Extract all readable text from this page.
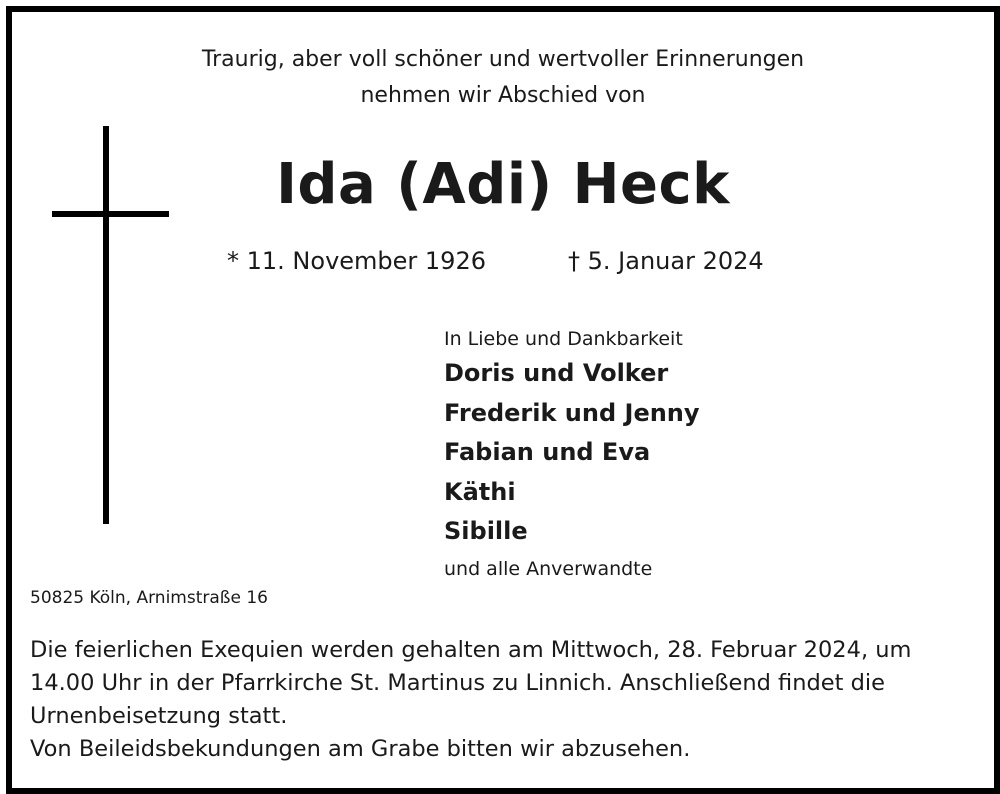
Traurig, aber voll schöner und wertvoller Erinnerungen
nehmen wir Abschied von
Ida (Adi) Heck
* 11. November 1926	† 5. Januar 2024
In Liebe und Dankbarkeit
Doris und Volker
Frederik und Jenny
Fabian und Eva
Käthi
Sibille
und alle Anverwandte
50825 Köln, Arnimstraße 16

Die feierlichen Exequien werden gehalten am Mittwoch, 28. Februar 2024, um 14.00 Uhr in der Pfarrkirche St. Martinus zu Linnich. Anschließend findet die Urnenbeisetzung statt.

Von Beileidsbekundungen am Grabe bitten wir abzusehen.
